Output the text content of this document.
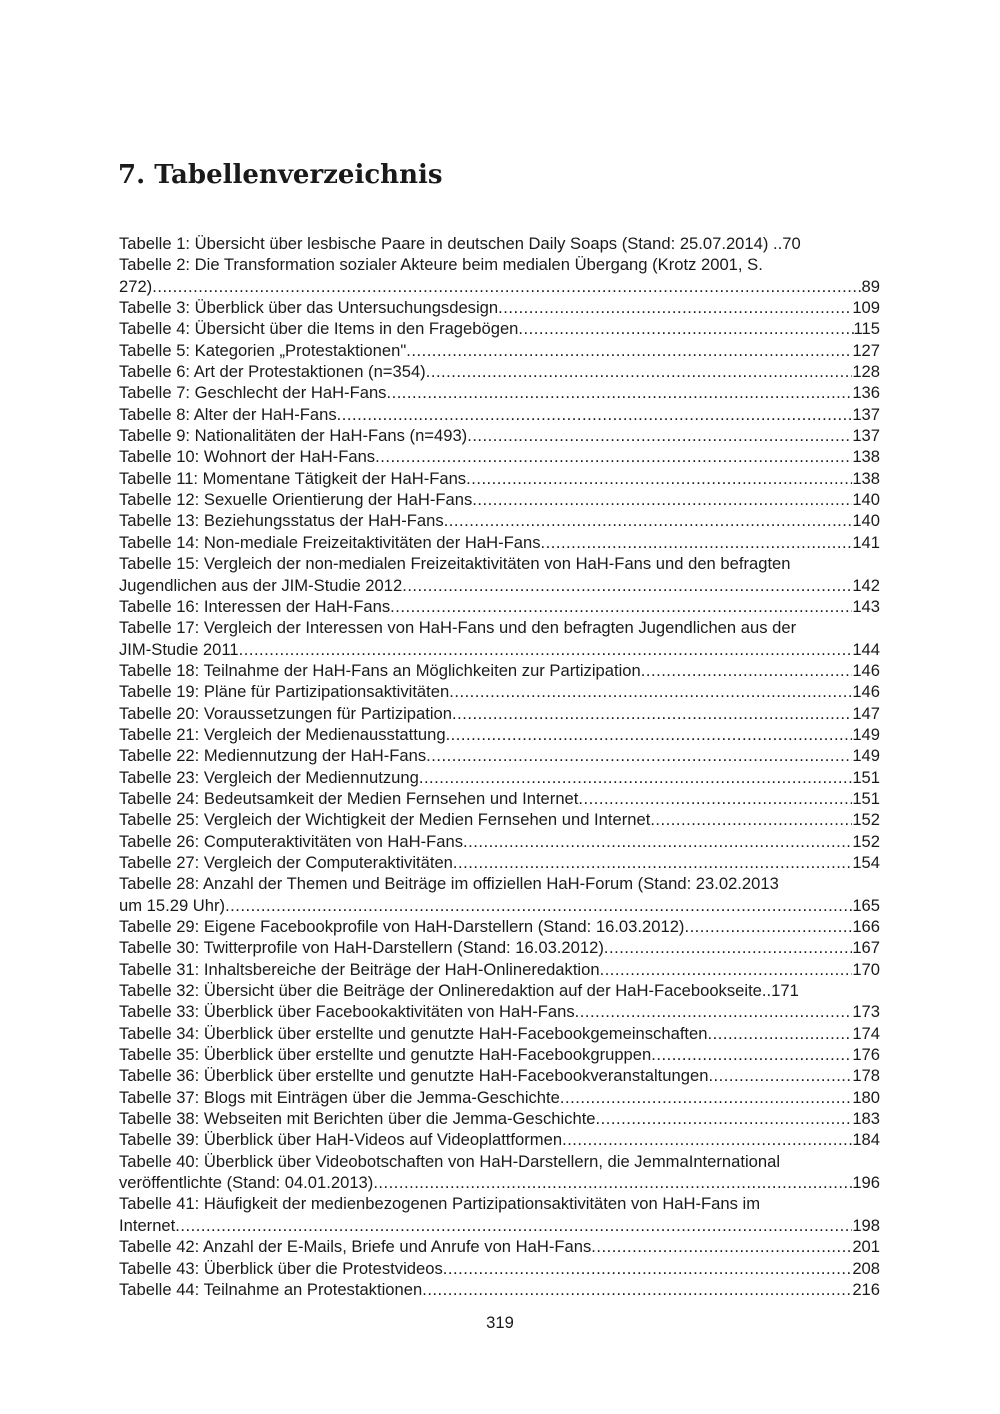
7. Tabellenverzeichnis
Tabelle 1: Übersicht über lesbische Paare in deutschen Daily Soaps (Stand: 25.07.2014) ..70
Tabelle 2: Die Transformation sozialer Akteure beim medialen Übergang (Krotz 2001, S.
272) .....	89
Tabelle 3: Überblick über das Untersuchungsdesign .....	109
Tabelle 4: Übersicht über die Items in den Fragebögen .....	115
Tabelle 5: Kategorien „Protestaktionen" .....	127
Tabelle 6: Art der Protestaktionen (n=354) .....	128
Tabelle 7: Geschlecht der HaH-Fans .....	136
Tabelle 8: Alter der HaH-Fans .....	137
Tabelle 9: Nationalitäten der HaH-Fans (n=493) .....	137
Tabelle 10: Wohnort der HaH-Fans .....	138
Tabelle 11: Momentane Tätigkeit der HaH-Fans .....	138
Tabelle 12: Sexuelle Orientierung der HaH-Fans .....	140
Tabelle 13: Beziehungsstatus der HaH-Fans .....	140
Tabelle 14: Non-mediale Freizeitaktivitäten der HaH-Fans .....	141
Tabelle 15: Vergleich der non-medialen Freizeitaktivitäten von HaH-Fans und den befragten
Jugendlichen aus der JIM-Studie 2012 .....	142
Tabelle 16: Interessen der HaH-Fans .....	143
Tabelle 17: Vergleich der Interessen von HaH-Fans und den befragten Jugendlichen aus der
JIM-Studie 2011 .....	144
Tabelle 18: Teilnahme der HaH-Fans an Möglichkeiten zur Partizipation .....	146
Tabelle 19: Pläne für Partizipationsaktivitäten .....	146
Tabelle 20: Voraussetzungen für Partizipation .....	147
Tabelle 21: Vergleich der Medienausstattung .....	149
Tabelle 22: Mediennutzung der HaH-Fans .....	149
Tabelle 23: Vergleich der Mediennutzung .....	151
Tabelle 24: Bedeutsamkeit der Medien Fernsehen und Internet .....	151
Tabelle 25: Vergleich der Wichtigkeit der Medien Fernsehen und Internet .....	152
Tabelle 26: Computeraktivitäten von HaH-Fans .....	152
Tabelle 27: Vergleich der Computeraktivitäten .....	154
Tabelle 28: Anzahl der Themen und Beiträge im offiziellen HaH-Forum (Stand: 23.02.2013
um 15.29 Uhr) .....	165
Tabelle 29: Eigene Facebookprofile von HaH-Darstellern (Stand: 16.03.2012) .....	166
Tabelle 30: Twitterprofile von HaH-Darstellern (Stand: 16.03.2012) .....	167
Tabelle 31: Inhaltsbereiche der Beiträge der HaH-Onlineredaktion .....	170
Tabelle 32: Übersicht über die Beiträge der Onlineredaktion auf der HaH-Facebookseite..171
Tabelle 33: Überblick über Facebookaktivitäten von HaH-Fans .....	173
Tabelle 34: Überblick über erstellte und genutzte HaH-Facebookgemeinschaften .....	174
Tabelle 35: Überblick über erstellte und genutzte HaH-Facebookgruppen .....	176
Tabelle 36: Überblick über erstellte und genutzte HaH-Facebookveranstaltungen .....	178
Tabelle 37: Blogs mit Einträgen über die Jemma-Geschichte .....	180
Tabelle 38: Webseiten mit Berichten über die Jemma-Geschichte .....	183
Tabelle 39: Überblick über HaH-Videos auf Videoplattformen .....	184
Tabelle 40: Überblick über Videobotschaften von HaH-Darstellern, die JemmaInternational
veröffentlichte (Stand: 04.01.2013) .....	196
Tabelle 41: Häufigkeit der medienbezogenen Partizipationsaktivitäten von HaH-Fans im
Internet .....	198
Tabelle 42: Anzahl der E-Mails, Briefe und Anrufe von HaH-Fans .....	201
Tabelle 43: Überblick über die Protestvideos .....	208
Tabelle 44: Teilnahme an Protestaktionen .....	216
319
